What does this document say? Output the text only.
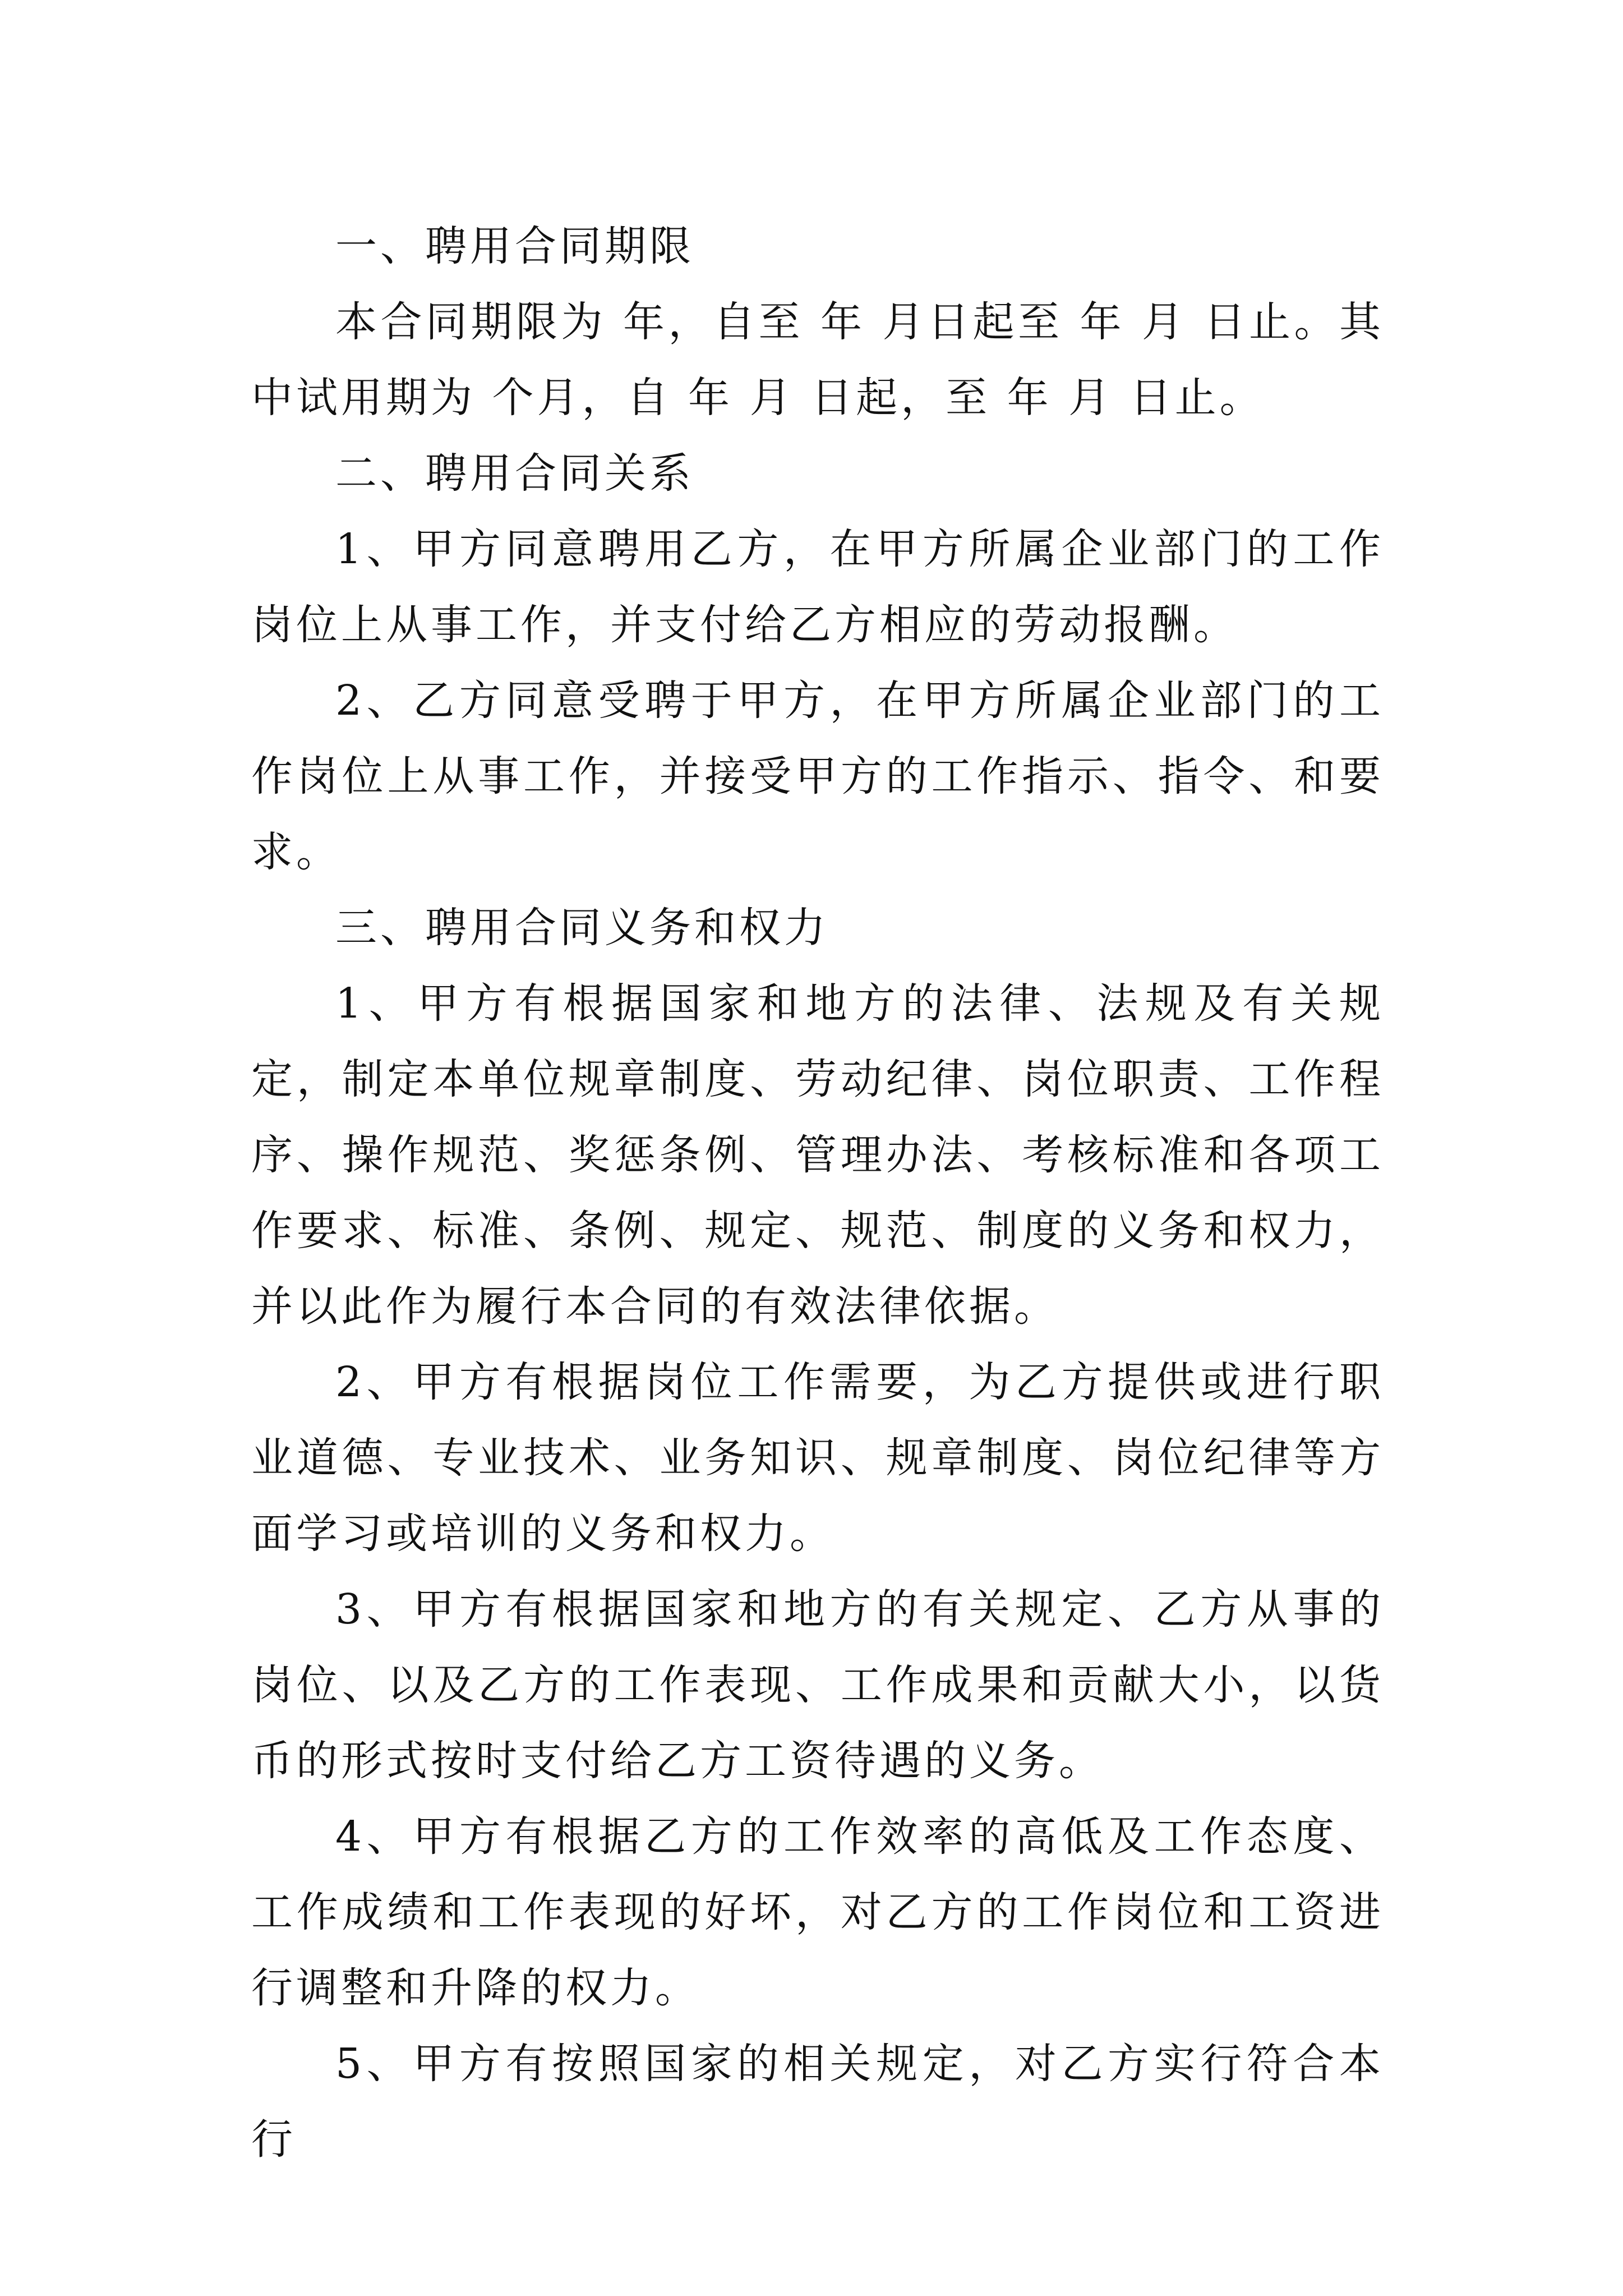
一、聘用合同期限

本合同期限为 年，自至 年 月日起至 年 月 日止。其中试用期为 个月，自 年 月 日起，至 年 月 日止。

二、聘用合同关系

1、甲方同意聘用乙方，在甲方所属企业部门的工作岗位上从事工作，并支付给乙方相应的劳动报酬。

2、乙方同意受聘于甲方，在甲方所属企业部门的工作岗位上从事工作，并接受甲方的工作指示、指令、和要求。

三、聘用合同义务和权力

1、甲方有根据国家和地方的法律、法规及有关规定，制定本单位规章制度、劳动纪律、岗位职责、工作程序、操作规范、奖惩条例、管理办法、考核标准和各项工作要求、标准、条例、规定、规范、制度的义务和权力，并以此作为履行本合同的有效法律依据。

2、甲方有根据岗位工作需要，为乙方提供或进行职业道德、专业技术、业务知识、规章制度、岗位纪律等方面学习或培训的义务和权力。

3、甲方有根据国家和地方的有关规定、乙方从事的岗位、以及乙方的工作表现、工作成果和贡献大小，以货币的形式按时支付给乙方工资待遇的义务。

4、甲方有根据乙方的工作效率的高低及工作态度、工作成绩和工作表现的好坏，对乙方的工作岗位和工资进行调整和升降的权力。

5、甲方有按照国家的相关规定，对乙方实行符合本行
